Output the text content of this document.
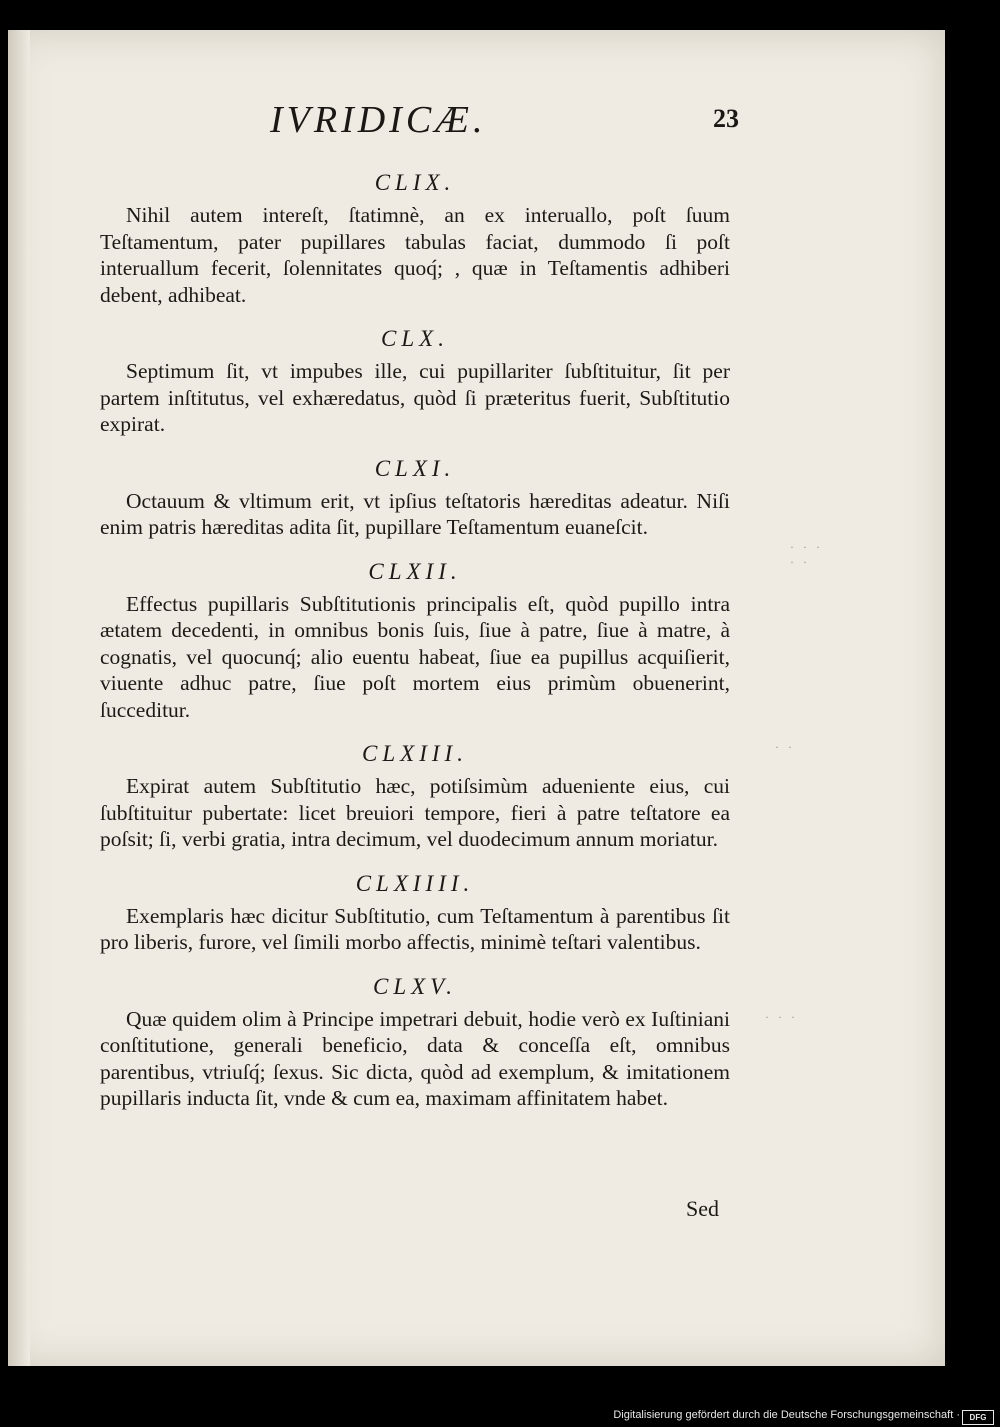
IVRIDICÆ.	23
CLIX.

Nihil autem intereſt, ſtatimnè, an ex interuallo, poſt ſuum Teſtamentum, pater pupillares tabulas faciat, dummodo ſi poſt interuallum fecerit, ſolennitates quoq́; , quæ in Teſtamentis adhiberi debent, adhibeat.

CLX.

Septimum ſit, vt impubes ille, cui pupillariter ſubſtituitur, ſit per partem inſtitutus, vel exhæredatus, quòd ſi præteritus fuerit, Subſtitutio expirat.

CLXI.

Octauum & vltimum erit, vt ipſius teſtatoris hæreditas adeatur. Niſi enim patris hæreditas adita ſit, pupillare Teſtamentum euaneſcit.

CLXII.

Effectus pupillaris Subſtitutionis principalis eſt, quòd pupillo intra ætatem decedenti, in omnibus bonis ſuis, ſiue à patre, ſiue à matre, à cognatis, vel quocunq́; alio euentu habeat, ſiue ea pupillus acquiſierit, viuente adhuc patre, ſiue poſt mortem eius primùm obuenerint, ſucceditur.

CLXIII.

Expirat autem Subſtitutio hæc, potiſsimùm adueniente eius, cui ſubſtituitur pubertate: licet breuiori tempore, fieri à patre teſtatore ea poſsit; ſi, verbi gratia, intra decimum, vel duodecimum annum moriatur.

CLXIIII.

Exemplaris hæc dicitur Subſtitutio, cum Teſtamentum à parentibus ſit pro liberis, furore, vel ſimili morbo affectis, minimè teſtari valentibus.

CLXV.

Quæ quidem olim à Principe impetrari debuit, hodie verò ex Iuſtiniani conſtitutione, generali beneficio, data & conceſſa eſt, omnibus parentibus, vtriuſq́; ſexus. Sic dicta, quòd ad exemplum, & imitationem pupillaris inducta ſit, vnde & cum ea, maximam affinitatem habet.

Sed
· · ·
· ·
· ·
· · ·
Digitalisierung gefördert durch die Deutsche Forschungsgemeinschaft ·	DFG
